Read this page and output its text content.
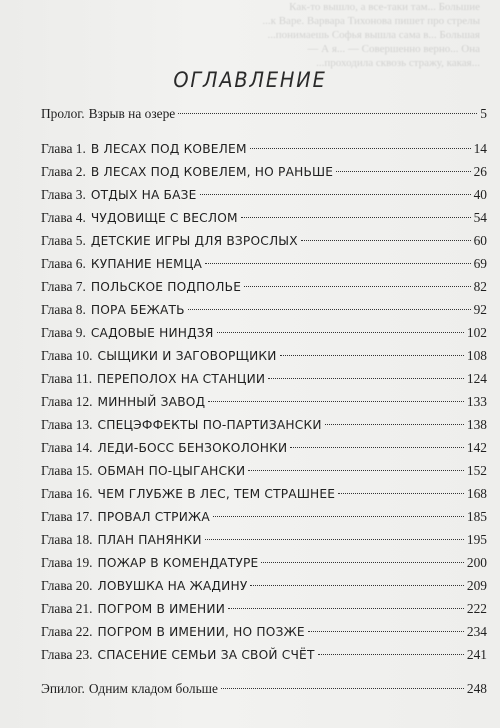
Как-то вышло, а все-таки там... Большие
...к Варе. Варвара Тихонова пишет про стрелы
...понимаешь Софья вышла сама в... Большая
— А я... — Совершенно верно... Она
...проходила сквозь стражу, какая...
ОГЛАВЛЕНИЕ
Пролог. Взрыв на озере	5
Глава 1. В ЛЕСАХ ПОД КОВЕЛЕМ	14
Глава 2. В ЛЕСАХ ПОД КОВЕЛЕМ, НО РАНЬШЕ	26
Глава 3. ОТДЫХ НА БАЗЕ	40
Глава 4. ЧУДОВИЩЕ С ВЕСЛОМ	54
Глава 5. ДЕТСКИЕ ИГРЫ ДЛЯ ВЗРОСЛЫХ	60
Глава 6. КУПАНИЕ НЕМЦА	69
Глава 7. ПОЛЬСКОЕ ПОДПОЛЬЕ	82
Глава 8. ПОРА БЕЖАТЬ	92
Глава 9. САДОВЫЕ НИНДЗЯ	102
Глава 10. СЫЩИКИ И ЗАГОВОРЩИКИ	108
Глава 11. ПЕРЕПОЛОХ НА СТАНЦИИ	124
Глава 12. МИННЫЙ ЗАВОД	133
Глава 13. СПЕЦЭФФЕКТЫ ПО-ПАРТИЗАНСКИ	138
Глава 14. ЛЕДИ-БОСС БЕНЗОКОЛОНКИ	142
Глава 15. ОБМАН ПО-ЦЫГАНСКИ	152
Глава 16. ЧЕМ ГЛУБЖЕ В ЛЕС, ТЕМ СТРАШНЕЕ	168
Глава 17. ПРОВАЛ СТРИЖА	185
Глава 18. ПЛАН ПАНЯНКИ	195
Глава 19. ПОЖАР В КОМЕНДАТУРЕ	200
Глава 20. ЛОВУШКА НА ЖАДИНУ	209
Глава 21. ПОГРОМ В ИМЕНИИ	222
Глава 22. ПОГРОМ В ИМЕНИИ, НО ПОЗЖЕ	234
Глава 23. СПАСЕНИЕ СЕМЬИ ЗА СВОЙ СЧЁТ	241
Эпилог. Одним кладом больше	248
